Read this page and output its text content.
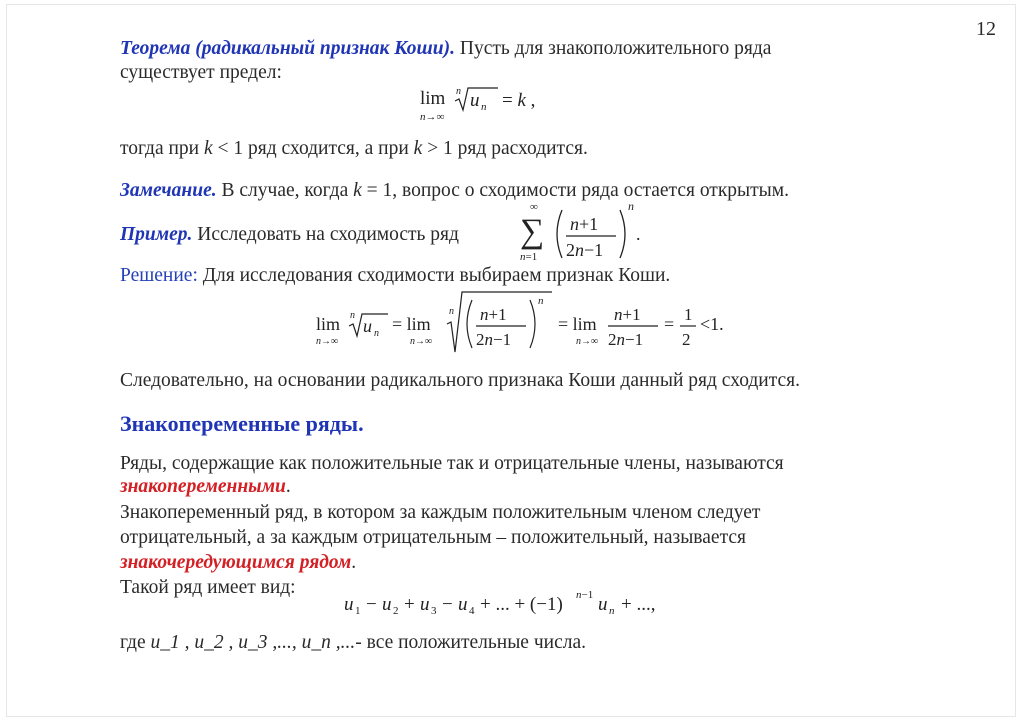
12
Теорема (радикальный признак Коши). Пусть для знакоположительного ряда
существует предел:
lim
n→∞
n u n = k ,
тогда при k < 1 ряд сходится, а при k > 1 ряд расходится.
Замечание. В случае, когда k = 1, вопрос о сходимости ряда остается открытым.
Пример. Исследовать на сходимость ряд
∞
∑
n=1
n+1
2n−1
n
.
Решение: Для исследования сходимости выбираем признак Коши.
lim
n→∞
n
u n = lim
n→∞
n n+1
2n−1
n
= lim
n→∞
n+1
2n−1
= 1
2
<1.
Следовательно, на основании радикального признака Коши данный ряд сходится.
Знакопеременные ряды.
Ряды, содержащие как положительные так и отрицательные члены, называются
знакопеременными.
Знакопеременный ряд, в котором за каждым положительным членом следует
отрицательный, а за каждым отрицательным – положительный, называется
знакочередующимся рядом.
Такой ряд имеет вид:
u 1 − u 2 + u 3 − u 4 + ... + (−1) n−1 u n + ...,
где u_1 , u_2 , u_3 ,..., u_n ,...- все положительные числа.
